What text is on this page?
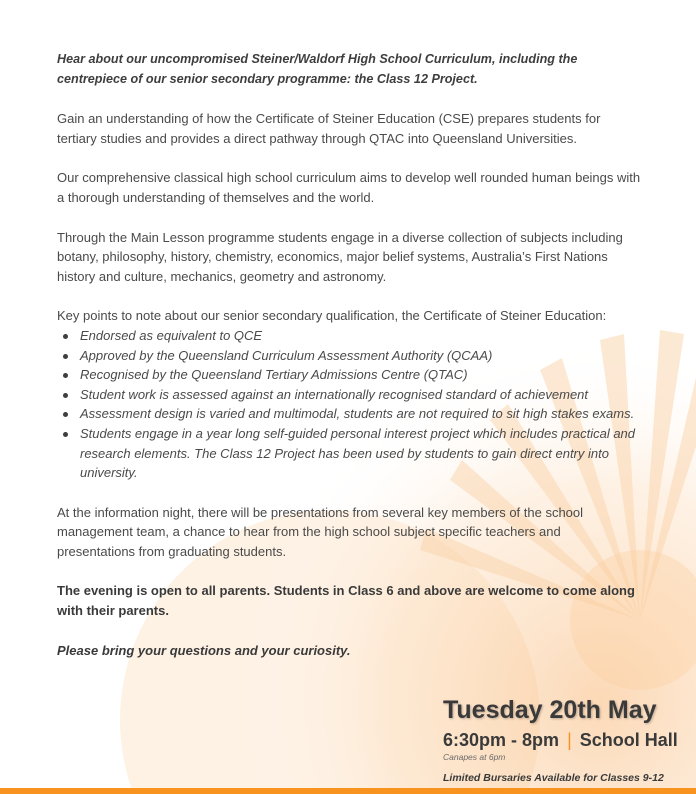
Hear about our uncompromised Steiner/Waldorf High School Curriculum, including the centrepiece of our senior secondary programme: the Class 12 Project.

Gain an understanding of how the Certificate of Steiner Education (CSE) prepares students for tertiary studies and provides a direct pathway through QTAC into Queensland Universities.

Our comprehensive classical high school curriculum aims to develop well rounded human beings with a thorough understanding of themselves and the world.

Through the Main Lesson programme students engage in a diverse collection of subjects including botany, philosophy, history, chemistry, economics, major belief systems, Australia’s First Nations history and culture, mechanics, geometry and astronomy.

Key points to note about our senior secondary qualification, the Certificate of Steiner Education:

Endorsed as equivalent to QCE
Approved by the Queensland Curriculum Assessment Authority (QCAA)
Recognised by the Queensland Tertiary Admissions Centre (QTAC)
Student work is assessed against an internationally recognised standard of achievement
Assessment design is varied and multimodal, students are not required to sit high stakes exams.
Students engage in a year long self-guided personal interest project which includes practical and research elements. The Class 12 Project has been used by students to gain direct entry into university.

At the information night, there will be presentations from several key members of the school management team, a chance to hear from the high school subject specific teachers and presentations from graduating students.

The evening is open to all parents. Students in Class 6 and above are welcome to come along with their parents.

Please bring your questions and your curiosity.

Tuesday 20th May
6:30pm - 8pm | School Hall
Canapes at 6pm
Limited Bursaries Available for Classes 9-12
